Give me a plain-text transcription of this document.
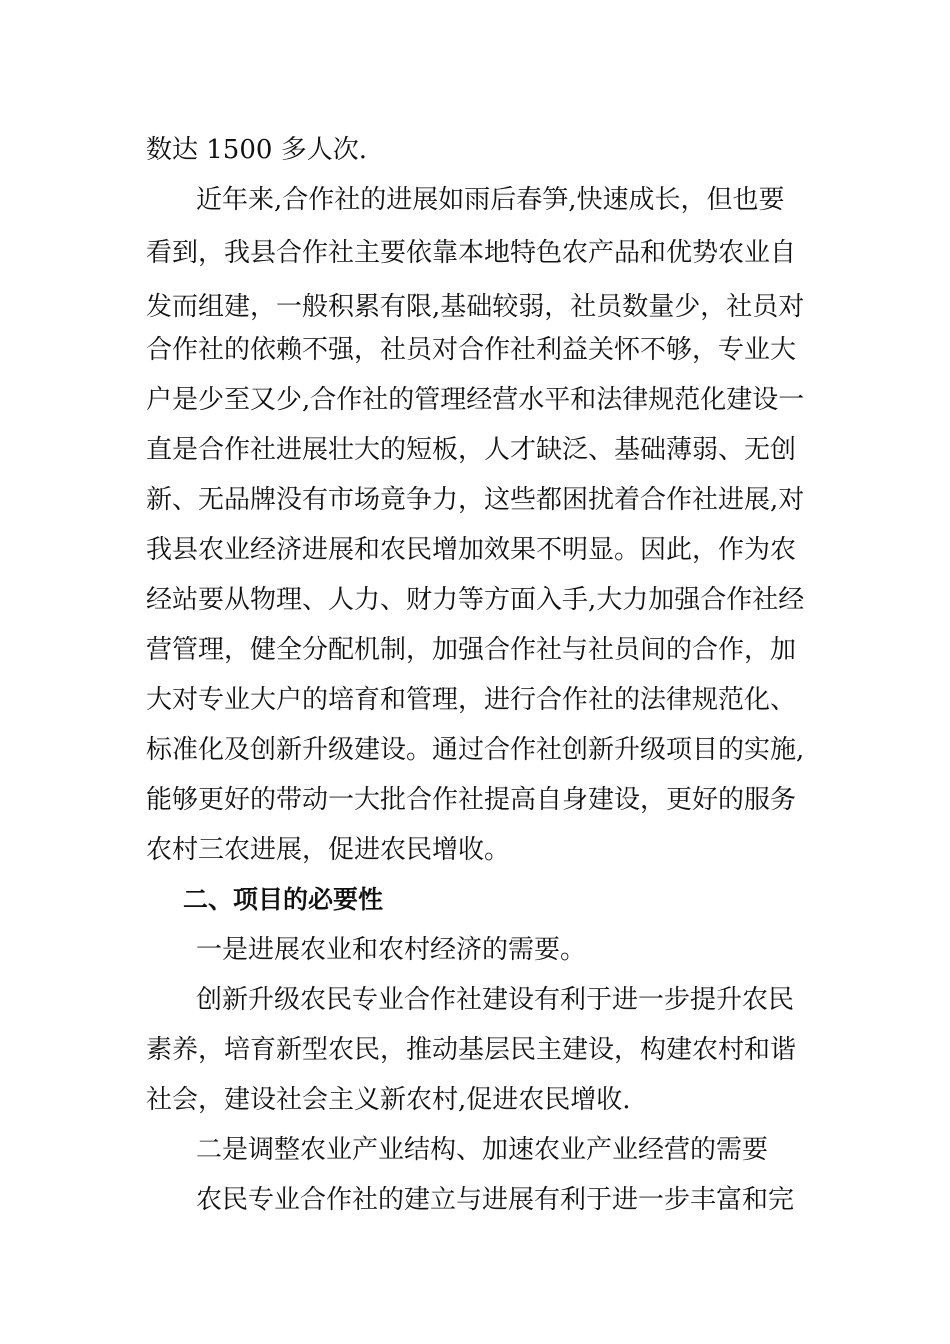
数达 1500 多人次.
近年来,合作社的进展如雨后春笋,快速成长，但也要
看到，我县合作社主要依靠本地特色农产品和优势农业自
发而组建，一般积累有限,基础较弱，社员数量少，社员对
合作社的依赖不强，社员对合作社利益关怀不够，专业大
户是少至又少,合作社的管理经营水平和法律规范化建设一
直是合作社进展壮大的短板，人才缺泛、基础薄弱、无创
新、无品牌没有市场竟争力，这些都困扰着合作社进展,对
我县农业经济进展和农民增加效果不明显。因此，作为农
经站要从物理、人力、财力等方面入手,大力加强合作社经
营管理，健全分配机制，加强合作社与社员间的合作，加
大对专业大户的培育和管理，进行合作社的法律规范化、
标准化及创新升级建设。通过合作社创新升级项目的实施,
能够更好的带动一大批合作社提高自身建设，更好的服务
农村三农进展，促进农民增收。
二、项目的必要性
一是进展农业和农村经济的需要。
创新升级农民专业合作社建设有利于进一步提升农民
素养，培育新型农民，推动基层民主建设，构建农村和谐
社会，建设社会主义新农村,促进农民增收.
二是调整农业产业结构、加速农业产业经营的需要
农民专业合作社的建立与进展有利于进一步丰富和完
